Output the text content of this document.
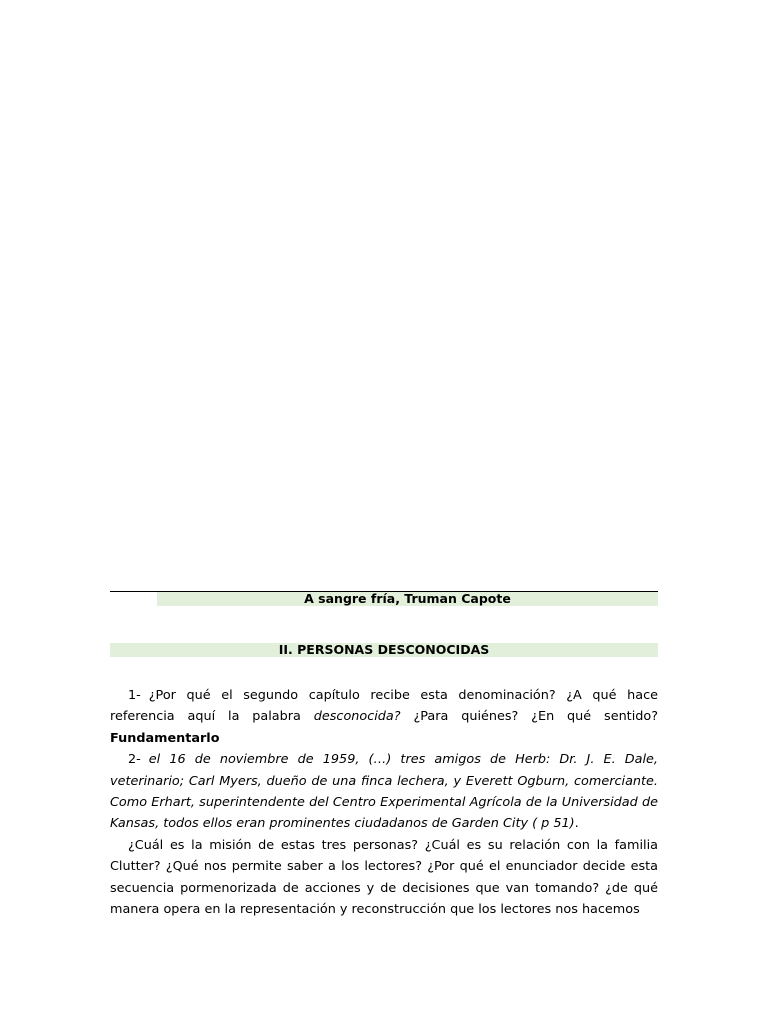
A sangre fría, Truman Capote
II. PERSONAS DESCONOCIDAS

1- ¿Por qué el segundo capítulo recibe esta denominación? ¿A qué hace referencia aquí la palabra desconocida? ¿Para quiénes? ¿En qué sentido? Fundamentarlo

2- el 16 de noviembre de 1959, (…) tres amigos de Herb: Dr. J. E. Dale, veterinario; Carl Myers, dueño de una finca lechera, y Everett Ogburn, comerciante. Como Erhart, superintendente del Centro Experimental Agrícola de la Universidad de Kansas, todos ellos eran prominentes ciudadanos de Garden City ( p 51).

¿Cuál es la misión de estas tres personas? ¿Cuál es su relación con la familia Clutter? ¿Qué nos permite saber a los lectores? ¿Por qué el enunciador decide esta secuencia pormenorizada de acciones y de decisiones que van tomando? ¿de qué manera opera en la representación y reconstrucción que los lectores nos hacemos
